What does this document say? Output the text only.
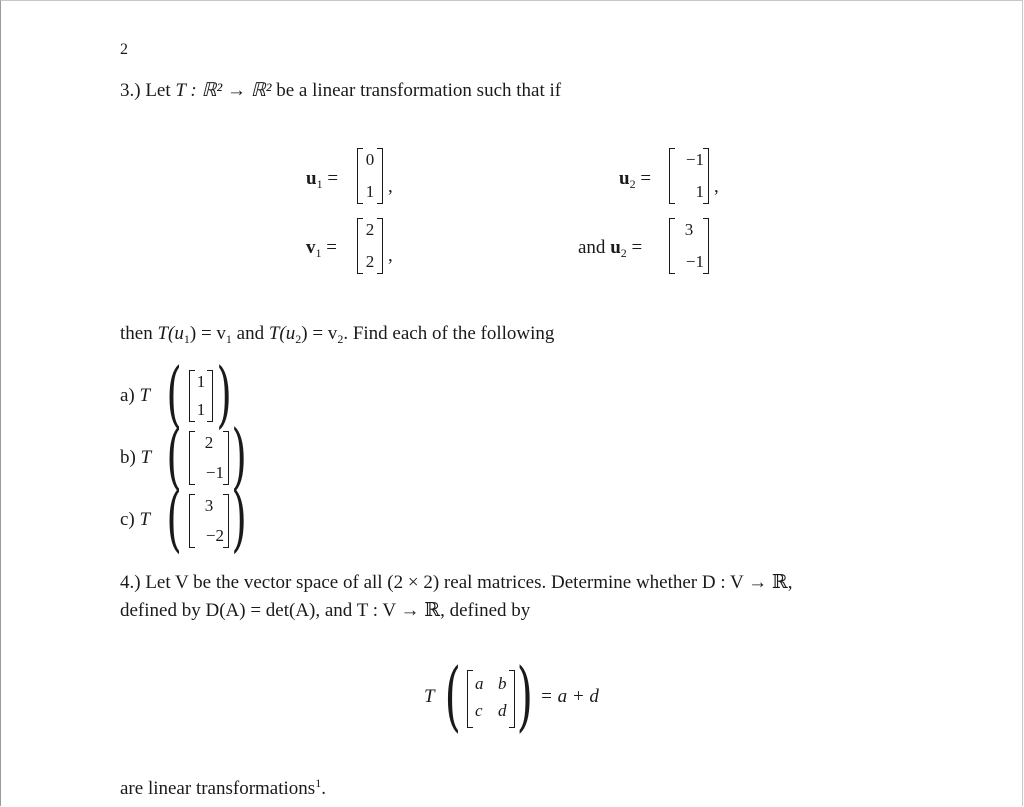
2
3.) Let T : ℝ² → ℝ² be a linear transformation such that if
$u_1$ =
0
1 ,	$u_2$ =
−1
1 ,
$v_1$ =
2
2 ,	and $u_2$ =
3
−1
then $T(u_1) = v_1$ and $T(u_2) = v_2$. Find each of the following
a) T ( 1
1 )
b) T (	2
−1 )
c) T (	3
−2 )
4.) Let V be the vector space of all (2 × 2) real matrices. Determine whether D : V → ℝ,
defined by D(A) = det(A), and T : V → ℝ, defined by
T ( a b
c d ) = a + d
are linear transformations$^1$.
